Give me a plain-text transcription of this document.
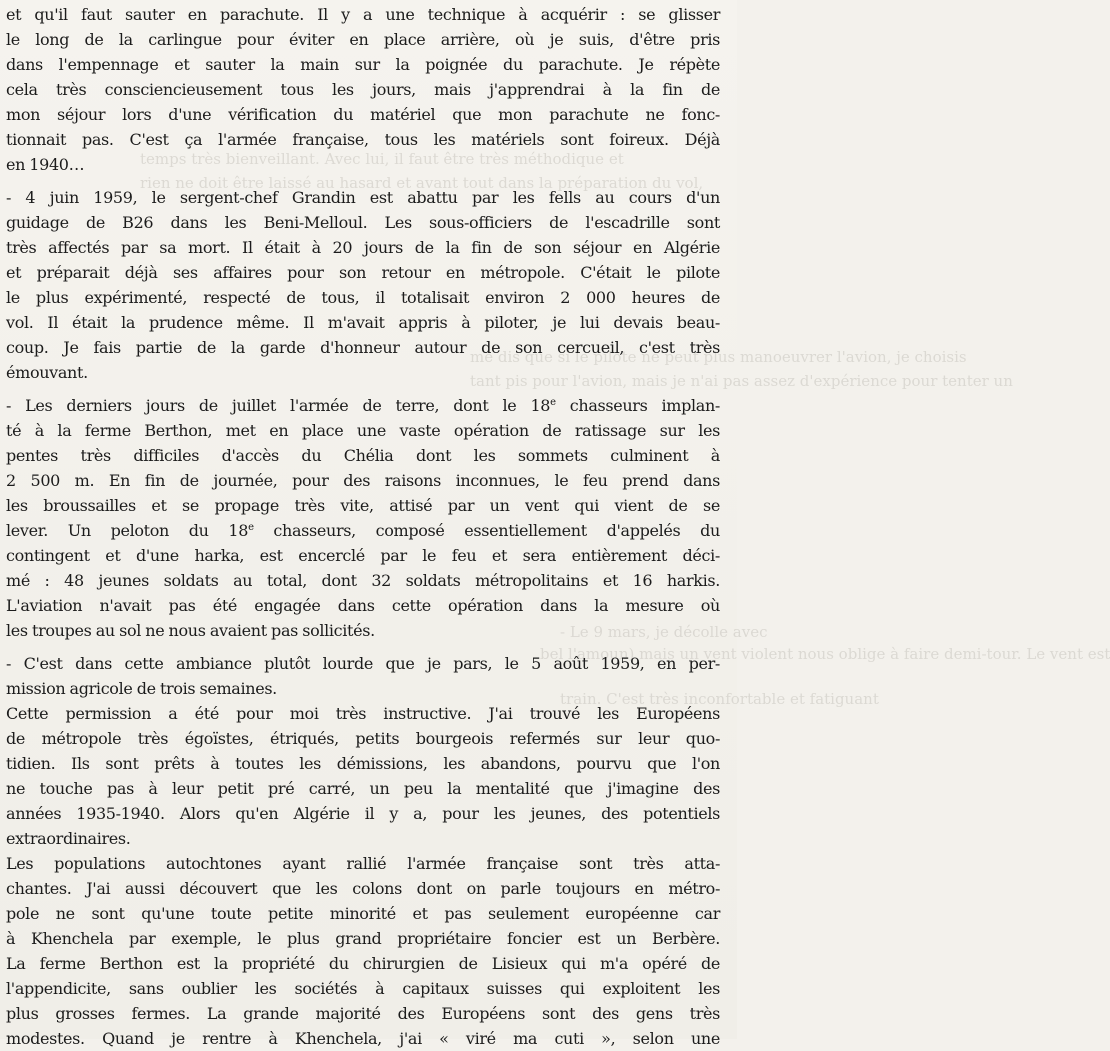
temps très bienveillant. Avec lui, il faut être très méthodique et
rien ne doit être laissé au hasard et avant tout dans la préparation du vol,
me dis que si le pilote ne peut plus manoeuvrer l'avion, je choisis
tant pis pour l'avion, mais je n'ai pas assez d'expérience pour tenter un
- Le 9 mars, je décolle avec
bel l'amoun) mais un vent violent nous oblige à faire demi-tour. Le vent est
train. C'est très inconfortable et fatiguant
et qu'il faut sauter en parachute. Il y a une technique à acquérir : se glisser
le long de la carlingue pour éviter en place arrière, où je suis, d'être pris
dans l'empennage et sauter la main sur la poignée du parachute. Je répète
cela très consciencieusement tous les jours, mais j'apprendrai à la fin de
mon séjour lors d'une vérification du matériel que mon parachute ne fonc-
tionnait pas. C'est ça l'armée française, tous les matériels sont foireux. Déjà
en 1940…
- 4 juin 1959, le sergent-chef Grandin est abattu par les fells au cours d'un
guidage de B26 dans les Beni-Melloul. Les sous-officiers de l'escadrille sont
très affectés par sa mort. Il était à 20 jours de la fin de son séjour en Algérie
et préparait déjà ses affaires pour son retour en métropole. C'était le pilote
le plus expérimenté, respecté de tous, il totalisait environ 2 000 heures de
vol. Il était la prudence même. Il m'avait appris à piloter, je lui devais beau-
coup. Je fais partie de la garde d'honneur autour de son cercueil, c'est très
émouvant.
- Les derniers jours de juillet l'armée de terre, dont le 18e chasseurs implan-
té à la ferme Berthon, met en place une vaste opération de ratissage sur les
pentes très difficiles d'accès du Chélia dont les sommets culminent à
2 500 m. En fin de journée, pour des raisons inconnues, le feu prend dans
les broussailles et se propage très vite, attisé par un vent qui vient de se
lever. Un peloton du 18e chasseurs, composé essentiellement d'appelés du
contingent et d'une harka, est encerclé par le feu et sera entièrement déci-
mé : 48 jeunes soldats au total, dont 32 soldats métropolitains et 16 harkis.
L'aviation n'avait pas été engagée dans cette opération dans la mesure où
les troupes au sol ne nous avaient pas sollicités.
- C'est dans cette ambiance plutôt lourde que je pars, le 5 août 1959, en per-
mission agricole de trois semaines.
Cette permission a été pour moi très instructive. J'ai trouvé les Européens
de métropole très égoïstes, étriqués, petits bourgeois refermés sur leur quo-
tidien. Ils sont prêts à toutes les démissions, les abandons, pourvu que l'on
ne touche pas à leur petit pré carré, un peu la mentalité que j'imagine des
années 1935-1940. Alors qu'en Algérie il y a, pour les jeunes, des potentiels
extraordinaires.
Les populations autochtones ayant rallié l'armée française sont très atta-
chantes. J'ai aussi découvert que les colons dont on parle toujours en métro-
pole ne sont qu'une toute petite minorité et pas seulement européenne car
à Khenchela par exemple, le plus grand propriétaire foncier est un Berbère.
La ferme Berthon est la propriété du chirurgien de Lisieux qui m'a opéré de
l'appendicite, sans oublier les sociétés à capitaux suisses qui exploitent les
plus grosses fermes. La grande majorité des Européens sont des gens très
modestes. Quand je rentre à Khenchela, j'ai « viré ma cuti », selon une
